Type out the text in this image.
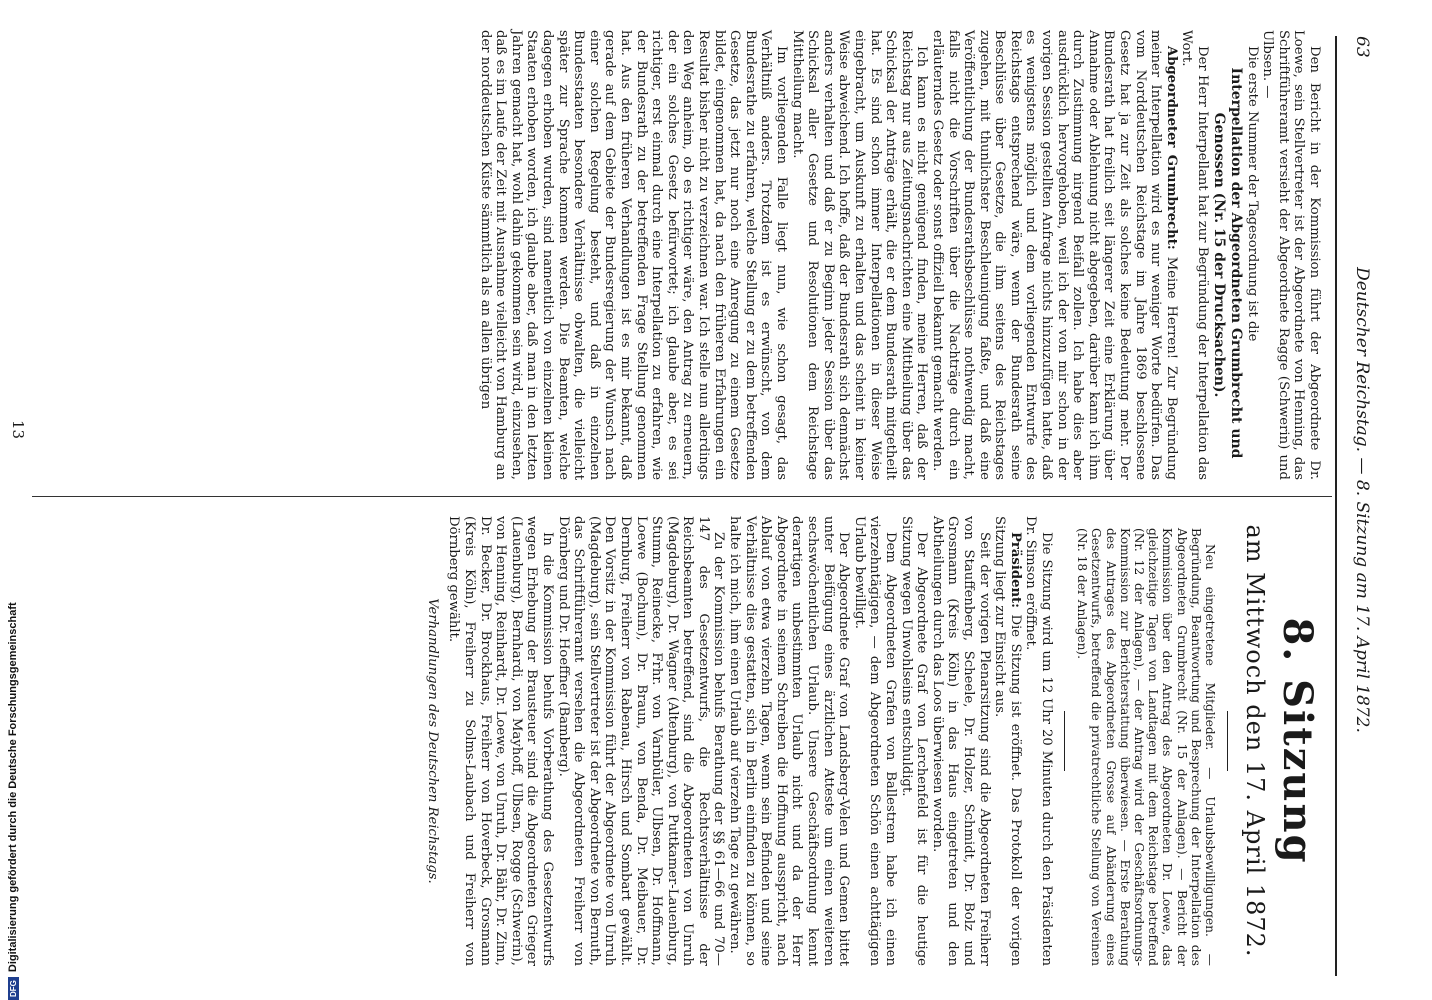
63
Deutscher Reichstag. — 8. Sitzung am 17. April 1872.

Den Bericht in der Kommission führt der Abgeordnete Dr. Loewe, sein Stellvertreter ist der Abgeordnete von Henning, das Schriftführeramt versieht der Abgeordnete Ragge (Schwerin) und Ulbsen. —

Die erste Nummer der Tagesordnung ist die

Interpellation der Abgeordneten Grumbrecht und Genossen (Nr. 15 der Drucksachen).

Der Herr Interpellant hat zur Begründung der Interpellation das Wort.

Abgeordneter Grumbrecht: Meine Herren! Zur Begründung meiner Interpellation wird es nur weniger Worte bedürfen. Das vom Norddeutschen Reichstage im Jahre 1869 beschlossene Gesetz hat ja zur Zeit als solches keine Bedeutung mehr. Der Bundesrath hat freilich seit längerer Zeit eine Erklärung über Annahme oder Ablehnung nicht abgegeben, darüber kann ich ihm durch Zustimmung nirgend Beifall zollen. Ich habe dies aber ausdrücklich hervorgehoben, weil ich der von mir schon in der vorigen Session gestellten Anfrage nichts hinzuzufügen hatte, daß es wenigstens möglich und dem vorliegenden Entwurfe des Reichstags entsprechend wäre, wenn der Bundesrath seine Beschlüsse über Gesetze, die ihm seitens des Reichstages zugehen, mit thunlichster Beschleunigung faßte, und daß eine Veröffentlichung der Bundesrathsbeschlüsse nothwendig macht, falls nicht die Vorschriften über die Nachträge durch ein erläuterndes Gesetz oder sonst offiziell bekannt gemacht werden.

Ich kann es nicht genügend finden, meine Herren, daß der Reichstag nur aus Zeitungsnachrichten eine Mittheilung über das Schicksal der Anträge erhält, die er dem Bundesrath mitgetheilt hat. Es sind schon immer Interpellationen in dieser Weise eingebracht, um Auskunft zu erhalten und das scheint in keiner Weise abweichend. Ich hoffe, daß der Bundesrath sich demnächst anders verhalten und daß er zu Beginn jeder Session über das Schicksal aller Gesetze und Resolutionen dem Reichstage Mittheilung macht.

Im vorliegenden Falle liegt nun, wie schon gesagt, das Verhältniß anders. Trotzdem ist es erwünscht, von dem Bundesrathe zu erfahren, welche Stellung er zu dem betreffenden Gesetze, das jetzt nur noch eine Anregung zu einem Gesetze bildet, eingenommen hat, da nach den früheren Erfahrungen ein Resultat bisher nicht zu verzeichnen war. Ich stelle nun allerdings den Weg anheim, ob es richtiger wäre, den Antrag zu erneuern, der ein solches Gesetz befürwortet; ich glaube aber, es sei richtiger, erst einmal durch eine Interpellation zu erfahren, wie der Bundesrath zu der betreffenden Frage Stellung genommen hat. Aus den früheren Verhandlungen ist es mir bekannt, daß gerade auf dem Gebiete der Bundesregierung der Wunsch nach einer solchen Regelung besteht, und daß in einzelnen Bundesstaaten besondere Verhältnisse obwalten, die vielleicht später zur Sprache kommen werden. Die Beamten, welche dagegen erhoben wurden, sind namentlich von einzelnen kleinen Staaten erhoben worden, ich glaube aber, daß man in den letzten Jahren gemacht hat, wohl dahin gekommen sein wird, einzusehen, daß es im Laufe der Zeit mit Ausnahme vielleicht von Hamburg an der norddeutschen Küste sämmtlich als an allen übrigen

8. Sitzung

am Mittwoch den 17. April 1872.

Neu eingetretene Mitglieder. — Urlaubsbewilligungen. — Begründung, Beantwortung und Besprechung der Interpellation des Abgeordneten Grumbrecht (Nr. 15 der Anlagen). — Bericht der Kommission über den Antrag des Abgeordneten Dr. Loewe, das gleichzeitige Tagen von Landtagen mit dem Reichstage betreffend (Nr. 12 der Anlagen), — der Antrag wird der Geschäftsordnungs-Kommission zur Berichterstattung überwiesen. — Erste Berathung des Antrages des Abgeordneten Grosse auf Abänderung eines Gesetzentwurfs, betreffend die privatrechtliche Stellung von Vereinen (Nr. 18 der Anlagen).

Die Sitzung wird um 12 Uhr 20 Minuten durch den Präsidenten Dr. Simson eröffnet.

Präsident: Die Sitzung ist eröffnet. Das Protokoll der vorigen Sitzung liegt zur Einsicht aus.

Seit der vorigen Plenarsitzung sind die Abgeordneten Freiherr von Stauffenberg, Scheele, Dr. Holzer, Schmidt, Dr. Bolz und Grosmann (Kreis Köln) in das Haus eingetreten und den Abtheilungen durch das Loos überwiesen worden.

Der Abgeordnete Graf von Lerchenfeld ist für die heutige Sitzung wegen Unwohlseins entschuldigt.

Dem Abgeordneten Grafen von Ballestrem habe ich einen vierzehntägigen, — dem Abgeordneten Schön einen achttägigen Urlaub bewilligt.

Der Abgeordnete Graf von Landsberg-Velen und Gemen bittet unter Beifügung eines ärztlichen Atteste um einen weiteren sechswöchentlichen Urlaub. Unsere Geschäftsordnung kennt derartigen unbestimmten Urlaub nicht und da der Herr Abgeordnete in seinem Schreiben die Hoffnung ausspricht, nach Ablauf von etwa vierzehn Tagen, wenn sein Befinden und seine Verhältnisse dies gestatten, sich in Berlin einfinden zu können, so halte ich mich, ihm einen Urlaub auf vierzehn Tage zu gewähren.

Zu der Kommission behufs Berathung der §§ 61—66 und 70—147 des Gesetzentwurfs, die Rechtsverhältnisse der Reichsbeamten betreffend, sind die Abgeordneten von Unruh (Magdeburg), Dr. Wagner (Altenburg), von Puttkamer-Lauenburg, Stumm, Reinecke, Frhr. von Varnbüler, Ulbsen, Dr. Hoffmann, Loewe (Bochum), Dr. Braun, von Benda, Dr. Meibauer, Dr. Dernburg, Freiherr von Rabenau, Hirsch und Sombart gewählt. Den Vorsitz in der Kommission führt der Abgeordnete von Unruh (Magdeburg), sein Stellvertreter ist der Abgeordnete von Bernuth, das Schriftführeramt versehen die Abgeordneten Freiherr von Dörnberg und Dr. Hoeffner (Bamberg).

In die Kommission behufs Vorberathung des Gesetzentwurfs wegen Erhebung der Brausteuer sind die Abgeordneten Grieger (Lauenburg), Bernhardi, von Mayhoff, Ulbsen, Rogge (Schwerin), von Henning, Reinhardt, Dr. Loewe, von Unruh, Dr. Bähr, Dr. Zinn, Dr. Becker, Dr. Brockhaus, Freiherr von Hoverbeck, Grosmann (Kreis Köln), Freiherr zu Solms-Laubach und Freiherr von Dörnberg gewählt.

Verhandlungen des Deutschen Reichstags.

13
DFGDigitalisierung gefördert durch die Deutsche Forschungsgemeinschaft
